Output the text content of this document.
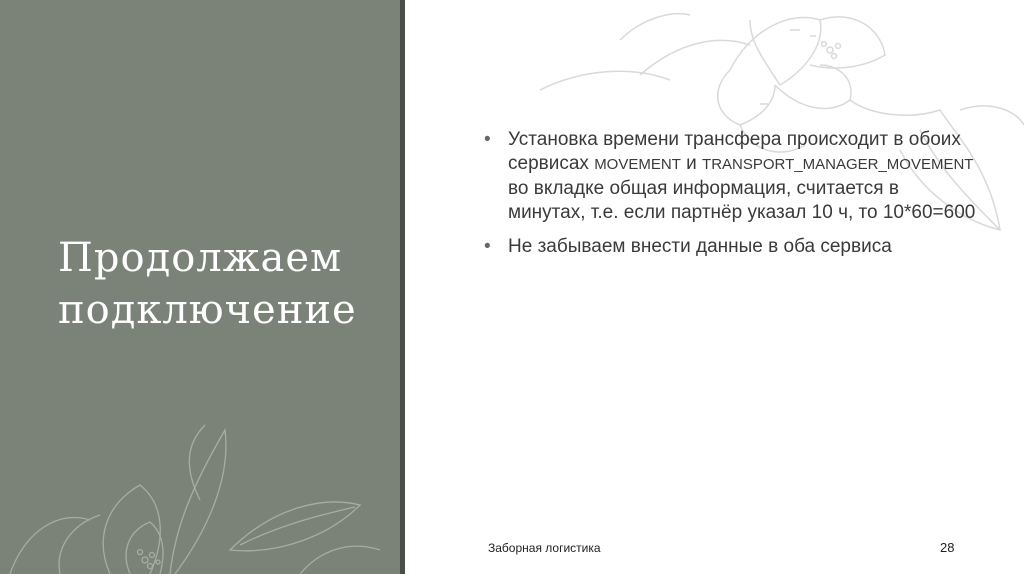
Продолжаем
подключение
• Установка времени трансфера происходит в обоих сервисах MOVEMENT и TRANSPORT_MANAGER_MOVEMENT во вкладке общая информация, считается в минутах, т.е. если партнёр указал 10 ч, то 10*60=600
• Не забываем внести данные в оба сервиса
Заборная логистика	28
